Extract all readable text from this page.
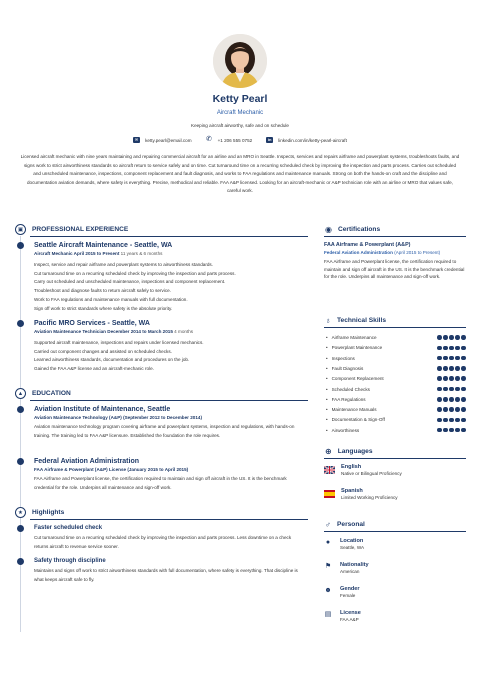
Ketty Pearl
Aircraft Mechanic
Keeping aircraft airworthy, safe and on schedule
✉	ketty.pearl@email.com ✆ +1 206 555 0752	in	linkedin.com/in/ketty-pearl-aircraft
Licensed aircraft mechanic with nine years maintaining and repairing commercial aircraft for an airline and an MRO in Seattle. Inspects, services and repairs airframe and powerplant systems, troubleshoots faults, and signs work to strict airworthiness standards so aircraft return to service safely and on time. Cut turnaround time on a recurring scheduled check by improving the inspection and parts process. Carries out scheduled and unscheduled maintenance, inspections, component replacement and fault diagnosis, and works to FAA regulations and maintenance manuals. Strong on both the hands-on craft and the discipline and documentation aviation demands, where safety is everything. Precise, methodical and reliable. FAA A&P licensed. Looking for an aircraft-mechanic or A&P technician role with an airline or MRO that values safe, careful work.
▣	PROFESSIONAL EXPERIENCE
Seattle Aircraft Maintenance - Seattle, WA
Aircraft Mechanic April 2015 to Present 11 years & 6 months
Inspect, service and repair airframe and powerplant systems to airworthiness standards.
Cut turnaround time on a recurring scheduled check by improving the inspection and parts process.
Carry out scheduled and unscheduled maintenance, inspections and component replacement.
Troubleshoot and diagnose faults to return aircraft safely to service.
Work to FAA regulations and maintenance manuals with full documentation.
Sign off work to strict standards where safety is the absolute priority.
Pacific MRO Services - Seattle, WA
Aviation Maintenance Technician December 2014 to March 2015 4 months
Supported aircraft maintenance, inspections and repairs under licensed mechanics.
Carried out component changes and assisted on scheduled checks.
Learned airworthiness standards, documentation and procedures on the job.
Gained the FAA A&P license and an aircraft-mechanic role.
▲	EDUCATION
Aviation Institute of Maintenance, Seattle
Aviation Maintenance Technology (A&P) (September 2012 to December 2014)
Aviation maintenance technology program covering airframe and powerplant systems, inspection and regulations, with hands-on training. The training led to FAA A&P licensure. Established the foundation the role requires.
Federal Aviation Administration
FAA Airframe & Powerplant (A&P) License (January 2015 to April 2015)
FAA Airframe and Powerplant license, the certification required to maintain and sign off aircraft in the US. It is the benchmark credential for the role. Underpins all maintenance and sign-off work.
★	Highlights
Faster scheduled check
Cut turnaround time on a recurring scheduled check by improving the inspection and parts process. Less downtime on a check returns aircraft to revenue service sooner.
Safety through discipline
Maintains and signs off work to strict airworthiness standards with full documentation, where safety is everything. That discipline is what keeps aircraft safe to fly.
◉ Certifications
FAA Airframe & Powerplant (A&P)
Federal Aviation Administration (April 2015 to Present)
FAA Airframe and Powerplant license, the certification required to maintain and sign off aircraft in the US. It is the benchmark credential for the role. Underpins all maintenance and sign-off work.
♁ Technical Skills
• Airframe Maintenance
• Powerplant Maintenance
• Inspections
• Fault Diagnosis
• Component Replacement
• Scheduled Checks
• FAA Regulations
• Maintenance Manuals
• Documentation & Sign-Off
• Airworthiness
⊕ Languages
English
Native or Bilingual Proficiency
Spanish
Limited Working Proficiency
♂ Personal
●	Location
Seattle, WA
⚑ Nationality
American
☻ Gender
Female
▤ License
FAA A&P
